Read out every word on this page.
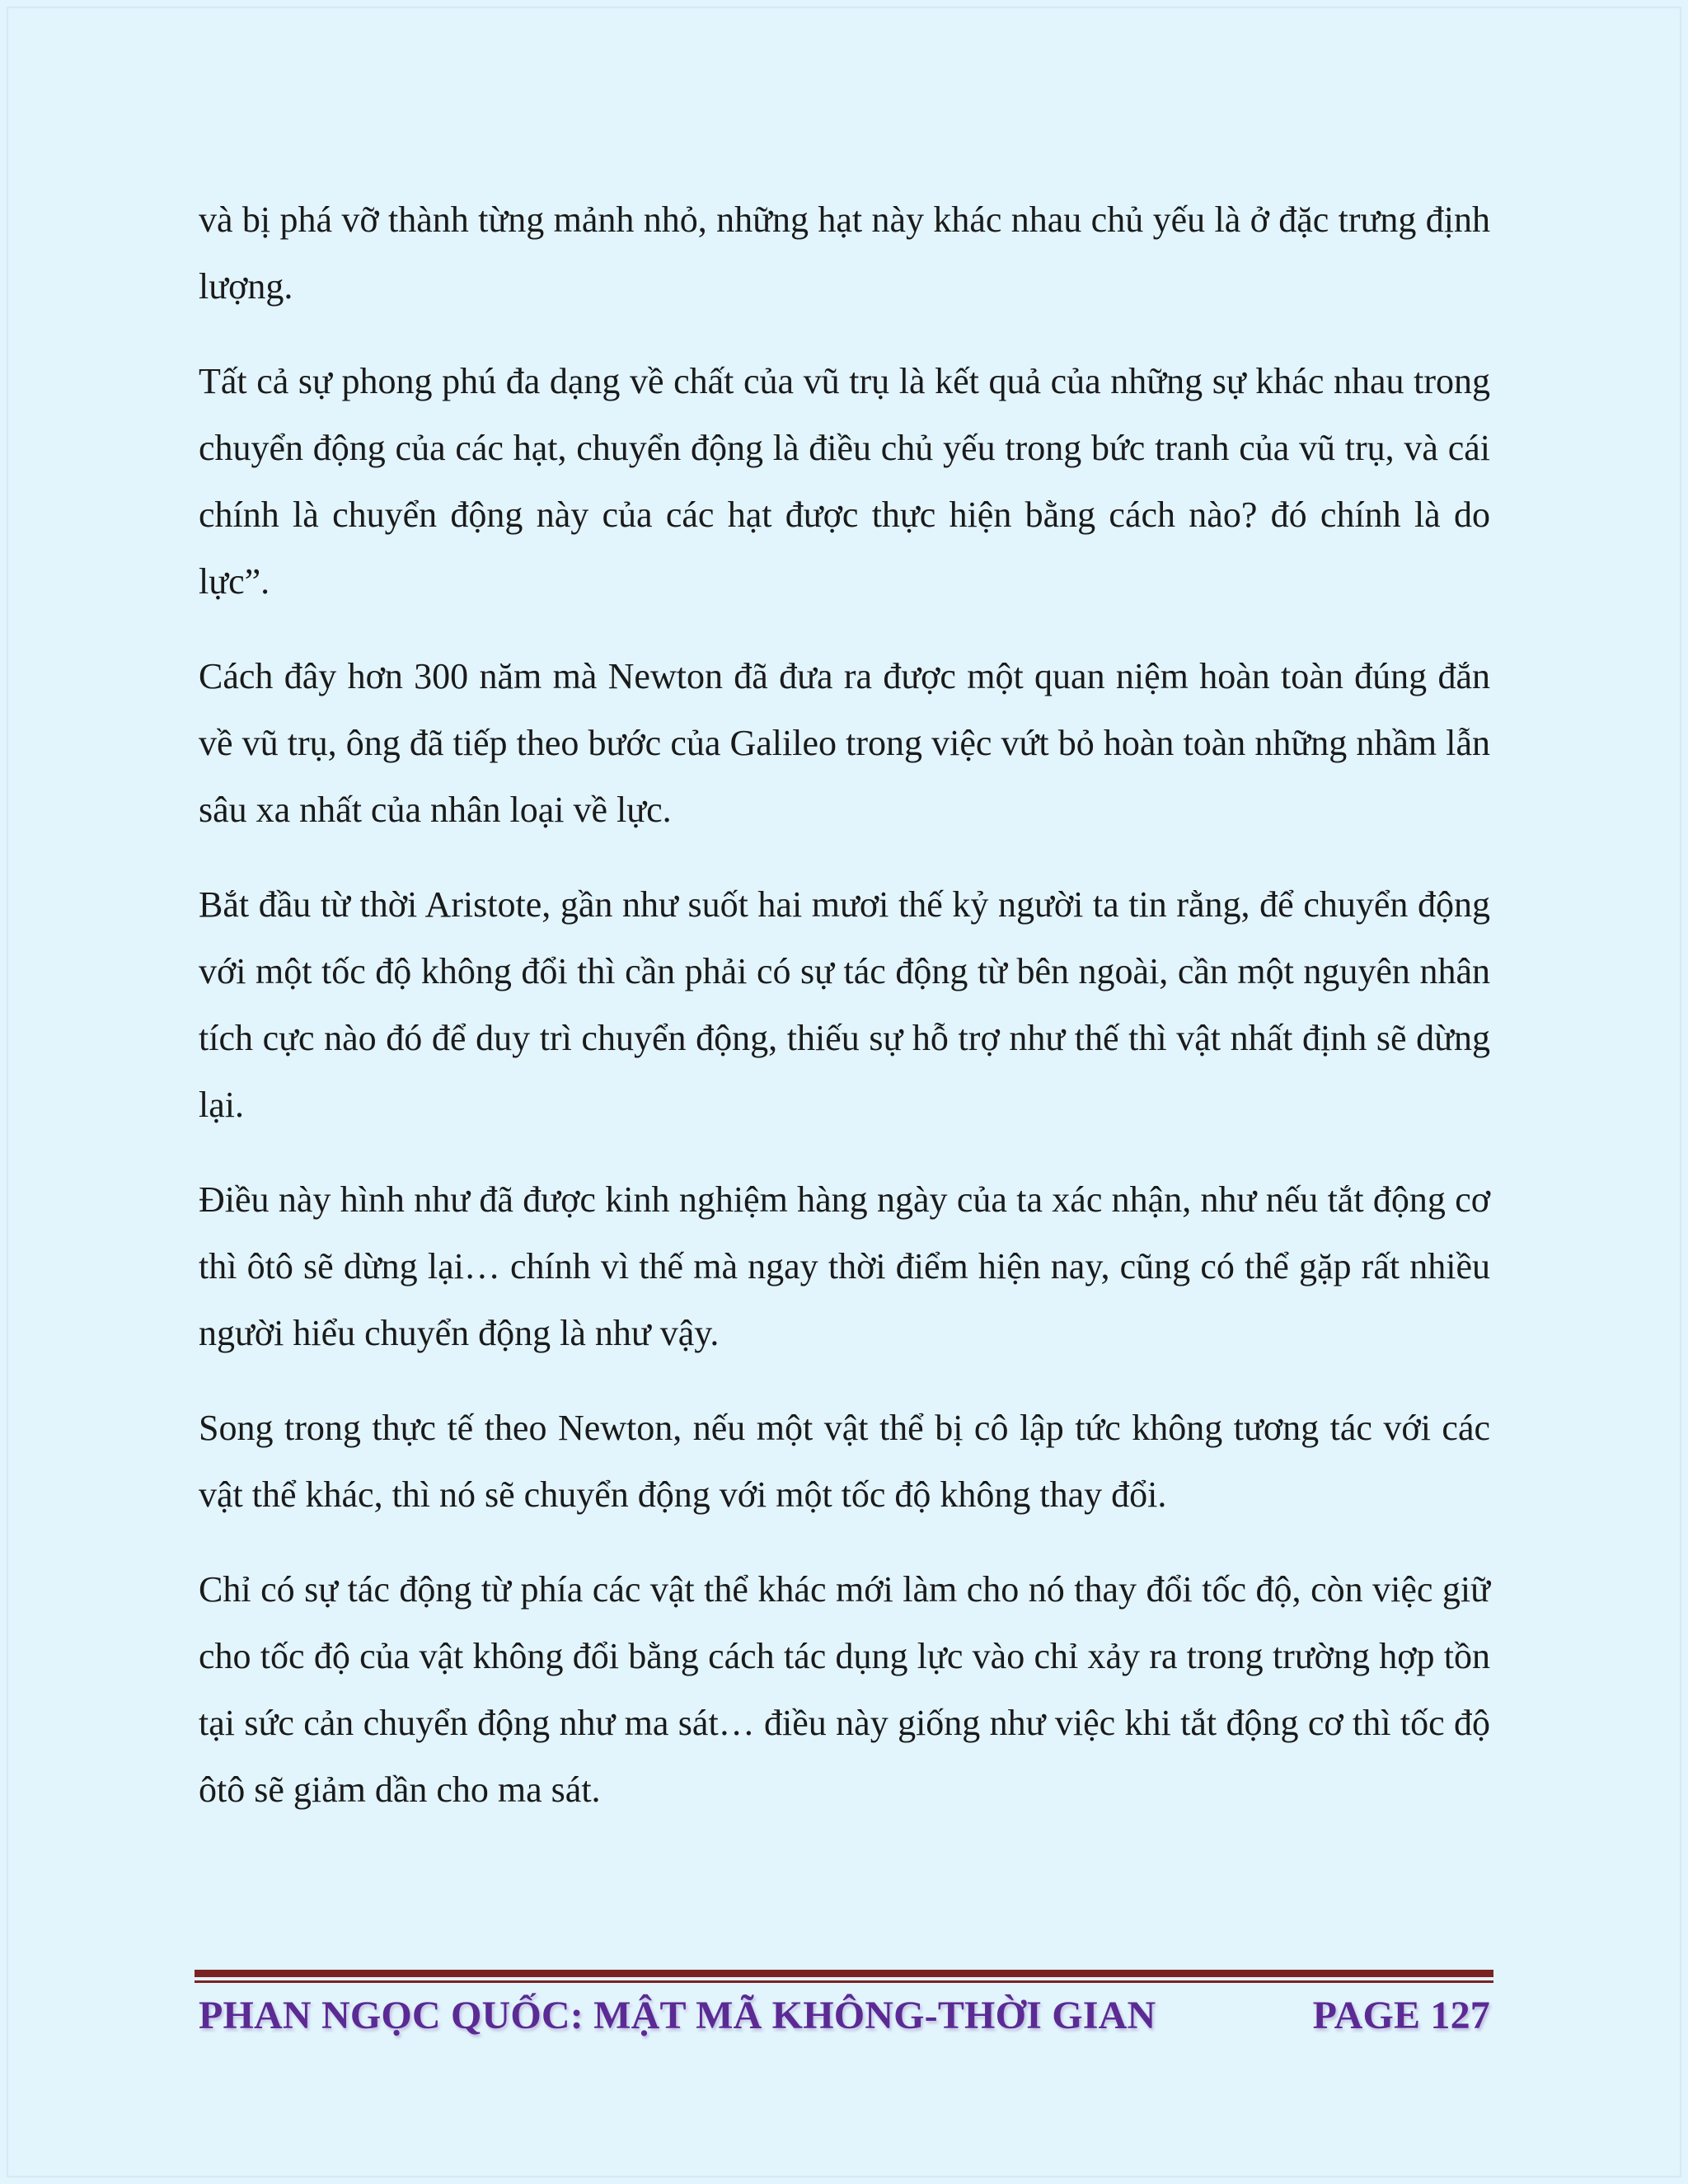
và bị phá vỡ thành từng mảnh nhỏ, những hạt này khác nhau chủ yếu là ở đặc trưng định lượng.

Tất cả sự phong phú đa dạng về chất của vũ trụ là kết quả của những sự khác nhau trong chuyển động của các hạt, chuyển động là điều chủ yếu trong bức tranh của vũ trụ, và cái chính là chuyển động này của các hạt được thực hiện bằng cách nào? đó chính là do lực”.

Cách đây hơn 300 năm mà Newton đã đưa ra được một quan niệm hoàn toàn đúng đắn về vũ trụ, ông đã tiếp theo bước của Galileo trong việc vứt bỏ hoàn toàn những nhầm lẫn sâu xa nhất của nhân loại về lực.

Bắt đầu từ thời Aristote, gần như suốt hai mươi thế kỷ người ta tin rằng, để chuyển động với một tốc độ không đổi thì cần phải có sự tác động từ bên ngoài, cần một nguyên nhân tích cực nào đó để duy trì chuyển động, thiếu sự hỗ trợ như thế thì vật nhất định sẽ dừng lại.

Điều này hình như đã được kinh nghiệm hàng ngày của ta xác nhận, như nếu tắt động cơ thì ôtô sẽ dừng lại… chính vì thế mà ngay thời điểm hiện nay, cũng có thể gặp rất nhiều người hiểu chuyển động là như vậy.

Song trong thực tế theo Newton, nếu một vật thể bị cô lập tức không tương tác với các vật thể khác, thì nó sẽ chuyển động với một tốc độ không thay đổi.

Chỉ có sự tác động từ phía các vật thể khác mới làm cho nó thay đổi tốc độ, còn việc giữ cho tốc độ của vật không đổi bằng cách tác dụng lực vào chỉ xảy ra trong trường hợp tồn tại sức cản chuyển động như ma sát… điều này giống như việc khi tắt động cơ thì tốc độ ôtô sẽ giảm dần cho ma sát.

PHAN NGỌC QUỐC: MẬT MÃ KHÔNG-THỜI GIAN	PAGE 127
